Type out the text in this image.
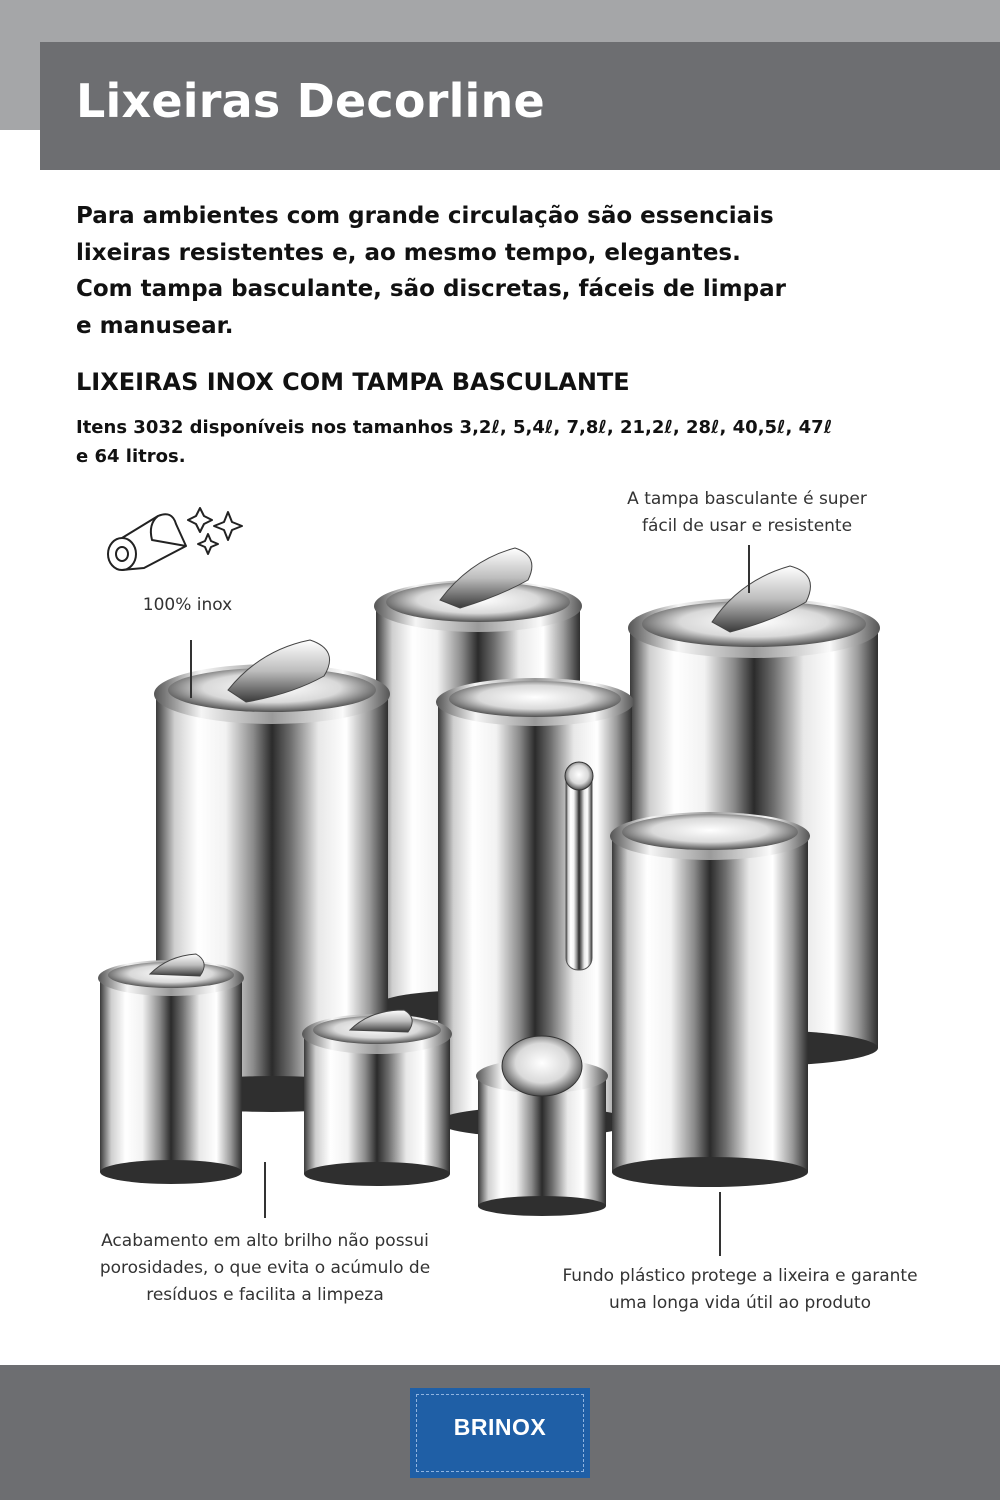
Lixeiras Decorline
Para ambientes com grande circulação são essenciais
lixeiras resistentes e, ao mesmo tempo, elegantes.
Com tampa basculante, são discretas, fáceis de limpar
e manusear.
LIXEIRAS INOX COM TAMPA BASCULANTE
Itens 3032 disponíveis nos tamanhos 3,2ℓ, 5,4ℓ, 7,8ℓ, 21,2ℓ, 28ℓ, 40,5ℓ, 47ℓ
e 64 litros.

100% inox

A tampa basculante é super
fácil de usar e resistente
Acabamento em alto brilho não possui
porosidades, o que evita o acúmulo de
resíduos e facilita a limpeza
Fundo plástico protege a lixeira e garante
uma longa vida útil ao produto
BRINOX
